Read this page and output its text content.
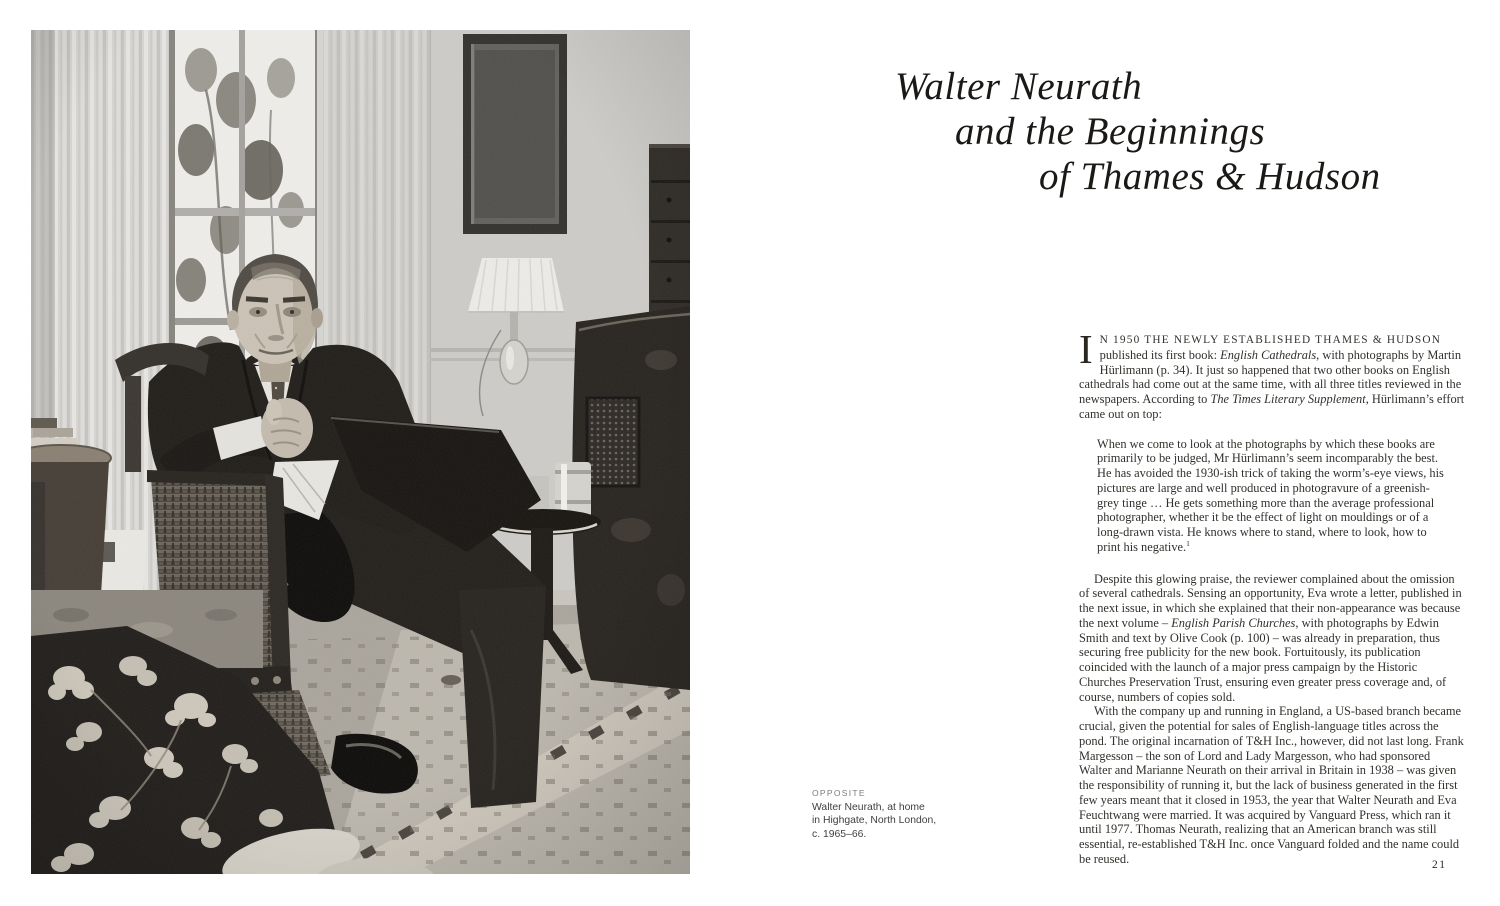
OPPOSITE
Walter Neurath, at home
in Highgate, North London,
c. 1965–66.
Walter Neurath
and the Beginnings
of Thames & Hudson

I N 1950 THE NEWLY ESTABLISHED THAMES & HUDSON published its first book: English Cathedrals, with photographs by Martin Hürlimann (p. 34). It just so happened that two other books on English cathedrals had come out at the same time, with all three titles reviewed in the newspapers. According to The Times Literary Supplement, Hürlimann’s effort came out on top:

When we come to look at the photographs by which these books are primarily to be judged, Mr Hürlimann’s seem incomparably the best. He has avoided the 1930-ish trick of taking the worm’s-eye views, his pictures are large and well produced in photogravure of a greenish-grey tinge … He gets something more than the average professional photographer, whether it be the effect of light on mouldings or of a long-drawn vista. He knows where to stand, where to look, how to print his negative.$^1$

Despite this glowing praise, the reviewer complained about the omission of several cathedrals. Sensing an opportunity, Eva wrote a letter, published in the next issue, in which she explained that their non-appearance was because the next volume – English Parish Churches, with photographs by Edwin Smith and text by Olive Cook (p. 100) – was already in preparation, thus securing free publicity for the new book. Fortuitously, its publication coincided with the launch of a major press campaign by the Historic Churches Preservation Trust, ensuring even greater press coverage and, of course, numbers of copies sold.

With the company up and running in England, a US-based branch became crucial, given the potential for sales of English-language titles across the pond. The original incarnation of T&H Inc., however, did not last long. Frank Margesson – the son of Lord and Lady Margesson, who had sponsored Walter and Marianne Neurath on their arrival in Britain in 1938 – was given the responsibility of running it, but the lack of business generated in the first few years meant that it closed in 1953, the year that Walter Neurath and Eva Feuchtwang were married. It was acquired by Vanguard Press, which ran it until 1977. Thomas Neurath, realizing that an American branch was still essential, re-established T&H Inc. once Vanguard folded and the name could be reused.	21
